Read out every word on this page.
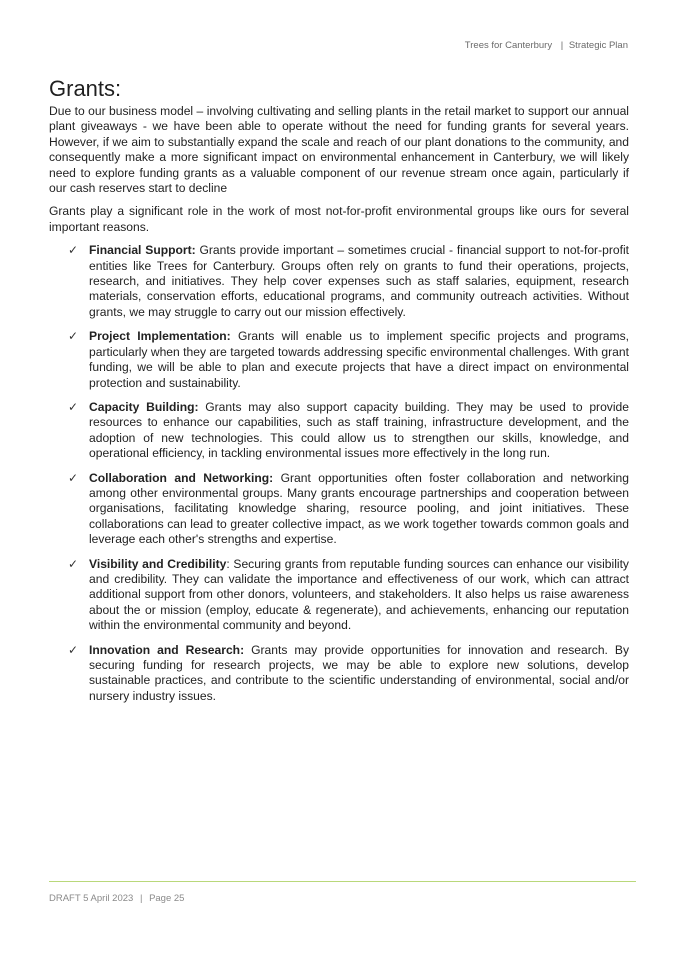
Trees for Canterbury | Strategic Plan
Grants:

Due to our business model – involving cultivating and selling plants in the retail market to support our annual plant giveaways - we have been able to operate without the need for funding grants for several years. However, if we aim to substantially expand the scale and reach of our plant donations to the community, and consequently make a more significant impact on environmental enhancement in Canterbury, we will likely need to explore funding grants as a valuable component of our revenue stream once again, particularly if our cash reserves start to decline

Grants play a significant role in the work of most not-for-profit environmental groups like ours for several important reasons.

✓ Financial Support: Grants provide important – sometimes crucial - financial support to not-for-profit entities like Trees for Canterbury. Groups often rely on grants to fund their operations, projects, research, and initiatives. They help cover expenses such as staff salaries, equipment, research materials, conservation efforts, educational programs, and community outreach activities. Without grants, we may struggle to carry out our mission effectively.
✓ Project Implementation: Grants will enable us to implement specific projects and programs, particularly when they are targeted towards addressing specific environmental challenges. With grant funding, we will be able to plan and execute projects that have a direct impact on environmental protection and sustainability.
✓ Capacity Building: Grants may also support capacity building. They may be used to provide resources to enhance our capabilities, such as staff training, infrastructure development, and the adoption of new technologies. This could allow us to strengthen our skills, knowledge, and operational efficiency, in tackling environmental issues more effectively in the long run.
✓ Collaboration and Networking: Grant opportunities often foster collaboration and networking among other environmental groups. Many grants encourage partnerships and cooperation between organisations, facilitating knowledge sharing, resource pooling, and joint initiatives. These collaborations can lead to greater collective impact, as we work together towards common goals and leverage each other's strengths and expertise.
✓ Visibility and Credibility: Securing grants from reputable funding sources can enhance our visibility and credibility. They can validate the importance and effectiveness of our work, which can attract additional support from other donors, volunteers, and stakeholders. It also helps us raise awareness about the or mission (employ, educate & regenerate), and achievements, enhancing our reputation within the environmental community and beyond.
✓ Innovation and Research: Grants may provide opportunities for innovation and research. By securing funding for research projects, we may be able to explore new solutions, develop sustainable practices, and contribute to the scientific understanding of environmental, social and/or nursery industry issues.
DRAFT 5 April 2023 | Page 25
